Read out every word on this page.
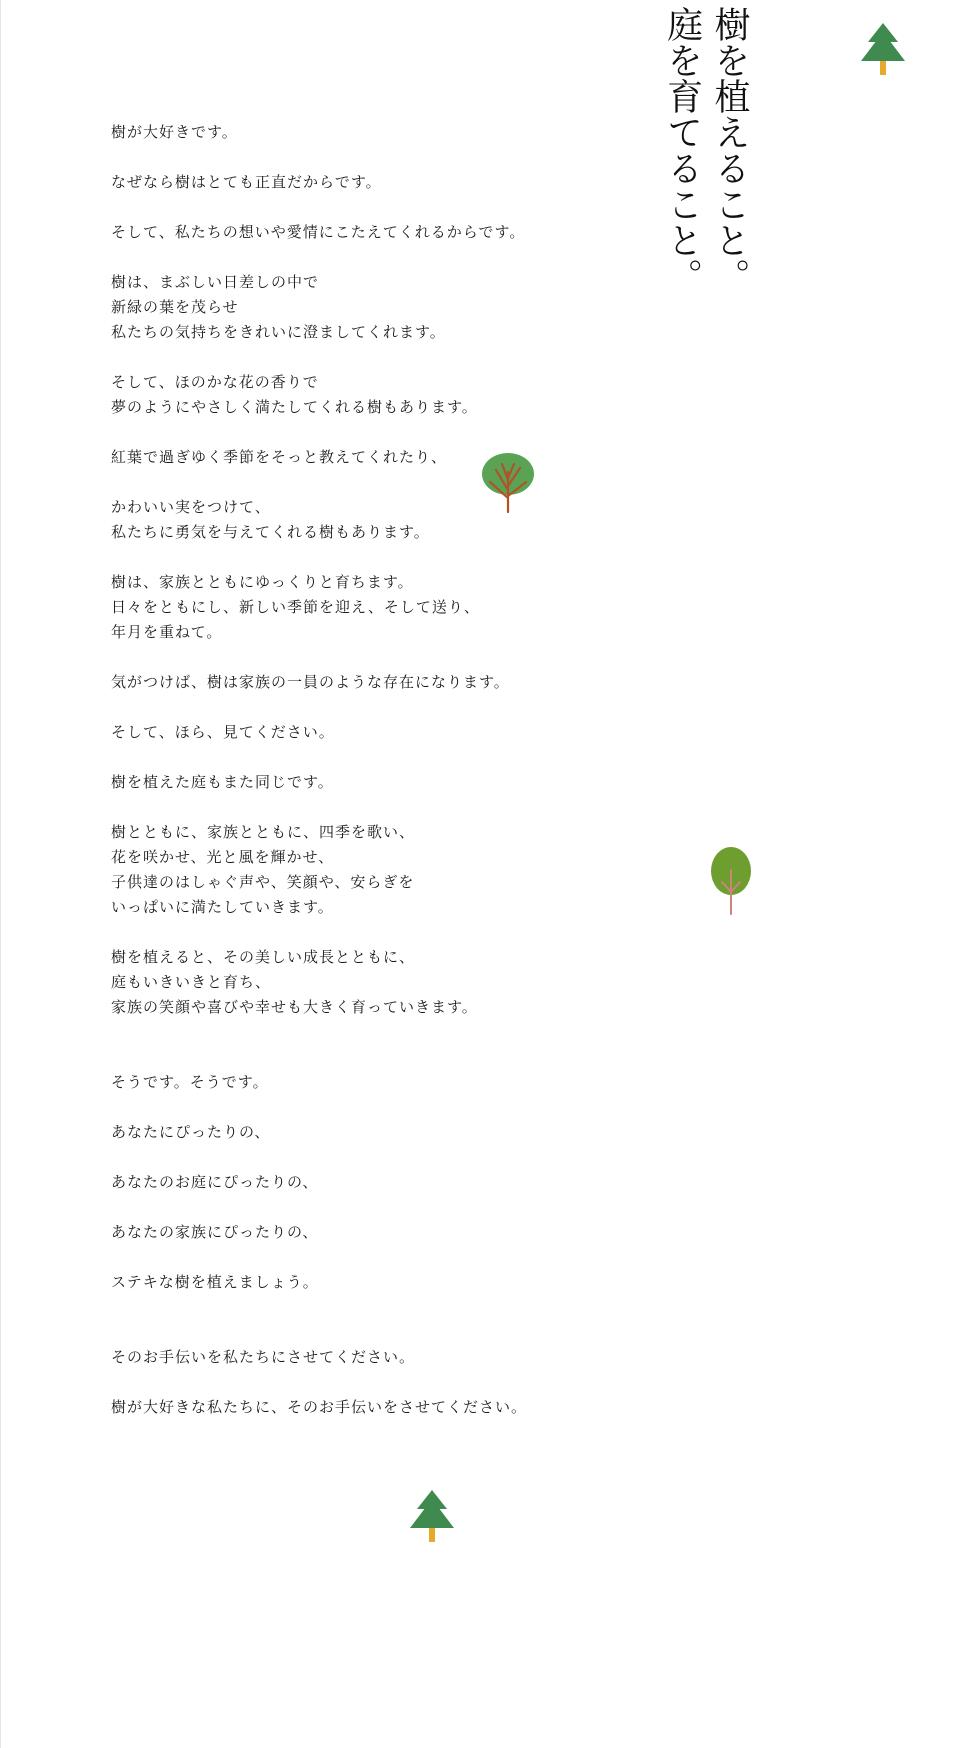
樹を植えること。
庭を育てること。
樹が大好きです。
なぜなら樹はとても正直だからです。
そして、私たちの想いや愛情にこたえてくれるからです。
樹は、まぶしい日差しの中で
新緑の葉を茂らせ
私たちの気持ちをきれいに澄ましてくれます。
そして、ほのかな花の香りで
夢のようにやさしく満たしてくれる樹もあります。
紅葉で過ぎゆく季節をそっと教えてくれたり、
かわいい実をつけて、
私たちに勇気を与えてくれる樹もあります。
樹は、家族とともにゆっくりと育ちます。
日々をともにし、新しい季節を迎え、そして送り、
年月を重ねて。
気がつけば、樹は家族の一員のような存在になります。
そして、ほら、見てください。
樹を植えた庭もまた同じです。
樹とともに、家族とともに、四季を歌い、
花を咲かせ、光と風を輝かせ、
子供達のはしゃぐ声や、笑顔や、安らぎを
いっぱいに満たしていきます。
樹を植えると、その美しい成長とともに、
庭もいきいきと育ち、
家族の笑顔や喜びや幸せも大きく育っていきます。
そうです。そうです。
あなたにぴったりの、
あなたのお庭にぴったりの、
あなたの家族にぴったりの、
ステキな樹を植えましょう。
そのお手伝いを私たちにさせてください。
樹が大好きな私たちに、そのお手伝いをさせてください。
